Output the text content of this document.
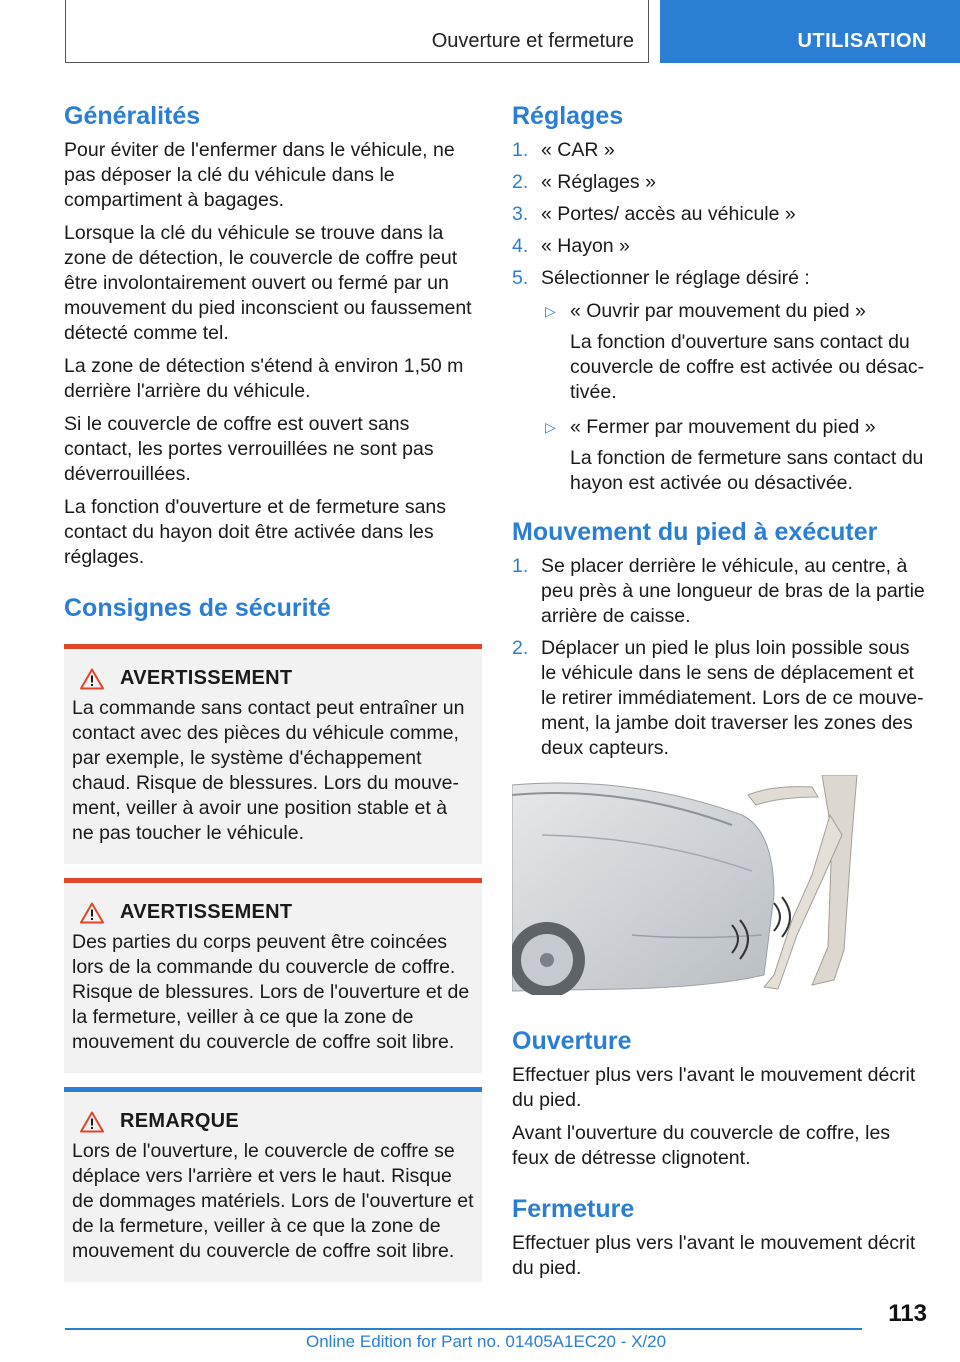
Ouverture et fermeture	UTILISATION
Généralités

Pour éviter de l'enfermer dans le véhicule, ne pas déposer la clé du véhicule dans le compartiment à bagages.

Lorsque la clé du véhicule se trouve dans la zone de détection, le couvercle de coffre peut être involontairement ouvert ou fermé par un mouvement du pied inconscient ou faussement détecté comme tel.

La zone de détection s'étend à environ 1,50 m derrière l'arrière du véhicule.

Si le couvercle de coffre est ouvert sans contact, les portes verrouillées ne sont pas déverrouillées.

La fonction d'ouverture et de fermeture sans contact du hayon doit être activée dans les réglages.

Consignes de sécurité
AVERTISSEMENT

La commande sans contact peut entraîner un contact avec des pièces du véhicule comme, par exemple, le système d'échappement chaud. Risque de blessures. Lors du mouvement, veiller à avoir une position stable et à ne pas toucher le véhicule.

AVERTISSEMENT

Des parties du corps peuvent être coincées lors de la commande du couvercle de coffre. Risque de blessures. Lors de l'ouverture et de la fermeture, veiller à ce que la zone de mouvement du couvercle de coffre soit libre.

REMARQUE

Lors de l'ouverture, le couvercle de coffre se déplace vers l'arrière et vers le haut. Risque de dommages matériels. Lors de l'ouverture et de la fermeture, veiller à ce que la zone de mouvement du couvercle de coffre soit libre.

Réglages
1. « CAR »
2. « Réglages »
3. « Portes/ accès au véhicule »
4. « Hayon »
5. Sélectionner le réglage désiré :
▷ « Ouvrir par mouvement du pied »
La fonction d'ouverture sans contact du couvercle de coffre est activée ou désactivée.
▷ « Fermer par mouvement du pied »
La fonction de fermeture sans contact du hayon est activée ou désactivée.
Mouvement du pied à exécuter
1. Se placer derrière le véhicule, au centre, à peu près à une longueur de bras de la partie arrière de caisse.
2. Déplacer un pied le plus loin possible sous le véhicule dans le sens de déplacement et le retirer immédiatement. Lors de ce mouvement, la jambe doit traverser les zones des deux capteurs.
Ouverture

Effectuer plus vers l'avant le mouvement décrit du pied.

Avant l'ouverture du couvercle de coffre, les feux de détresse clignotent.

Fermeture

Effectuer plus vers l'avant le mouvement décrit du pied.

113
Online Edition for Part no. 01405A1EC20 - X/20
